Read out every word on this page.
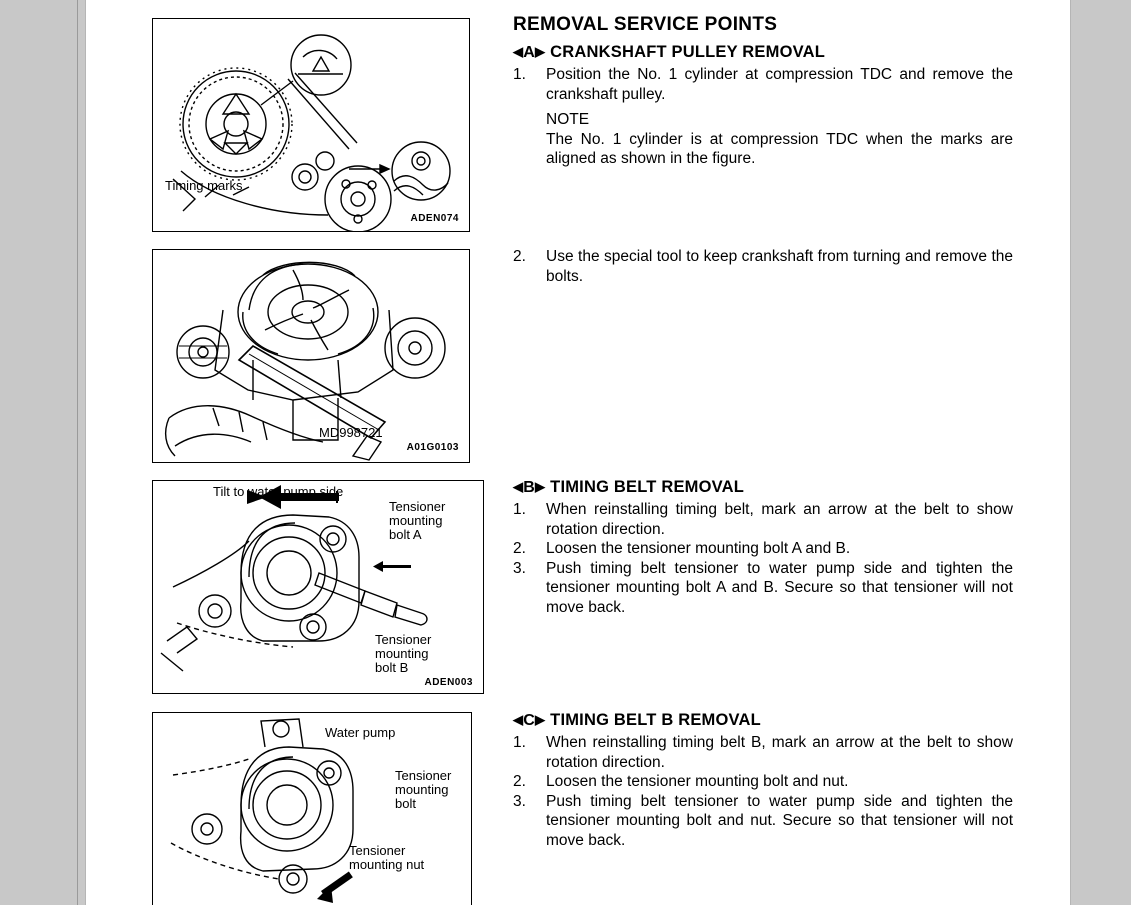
Timing marks
ADEN074
MD998721
A01G0103
Tilt to water pump side
Tensioner
mounting
bolt A
Tensioner
mounting
bolt B
ADEN003
Water pump
Tensioner
mounting
bolt
Tensioner
mounting nut
REMOVAL SERVICE POINTS
◀A▶ CRANKSHAFT PULLEY REMOVAL
1.	Position the No. 1 cylinder at compression TDC and remove the crankshaft pulley.
NOTE
The No. 1 cylinder is at compression TDC when the marks are aligned as shown in the figure.
2.	Use the special tool to keep crankshaft from turning and remove the bolts.
◀B▶ TIMING BELT REMOVAL
1.	When reinstalling timing belt, mark an arrow at the belt to show rotation direction.
2.	Loosen the tensioner mounting bolt A and B.
3.	Push timing belt tensioner to water pump side and tighten the tensioner mounting bolt A and B. Secure so that tensioner will not move back.
◀C▶ TIMING BELT B REMOVAL
1.	When reinstalling timing belt B, mark an arrow at the belt to show rotation direction.
2.	Loosen the tensioner mounting bolt and nut.
3.	Push timing belt tensioner to water pump side and tighten the tensioner mounting bolt and nut. Secure so that tensioner will not move back.
